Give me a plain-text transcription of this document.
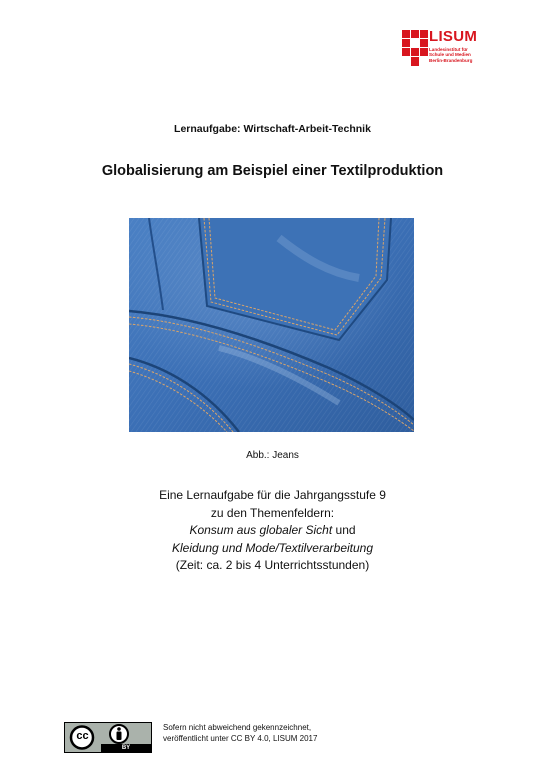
LISUM
Landesinstitut für
Schule und Medien
Berlin-Brandenburg
Lernaufgabe: Wirtschaft-Arbeit-Technik
Globalisierung am Beispiel einer Textilproduktion
Abb.: Jeans
Eine Lernaufgabe für die Jahrgangsstufe 9
zu den Themenfeldern:
Konsum aus globaler Sicht und
Kleidung und Mode/Textilverarbeitung
(Zeit: ca. 2 bis 4 Unterrichtsstunden)
cc
BY
Sofern nicht abweichend gekennzeichnet,
veröffentlicht unter CC BY 4.0, LISUM 2017
